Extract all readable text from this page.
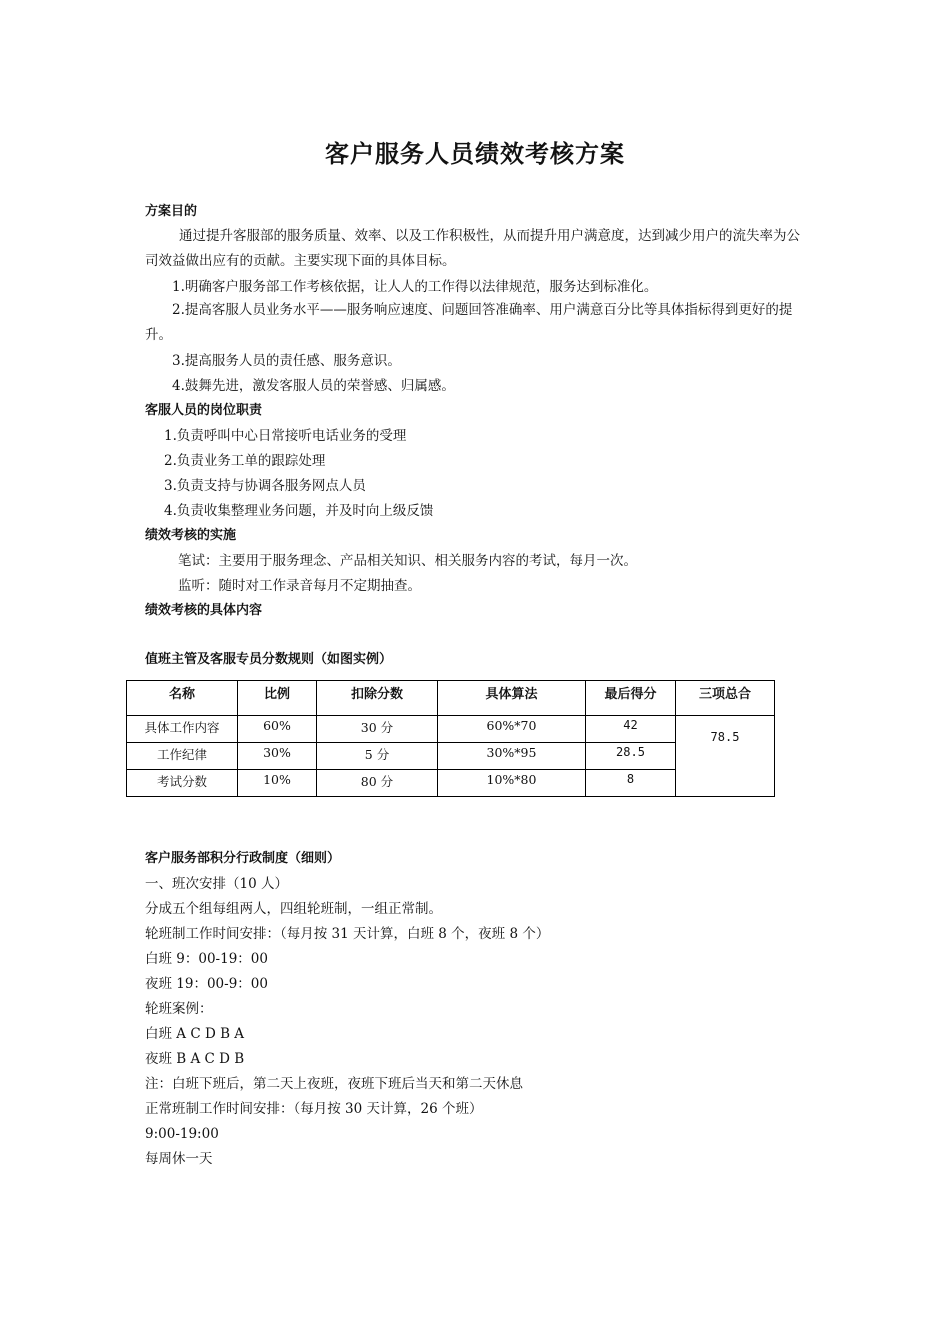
客户服务人员绩效考核方案
方案目的
通过提升客服部的服务质量、效率、以及工作积极性，从而提升用户满意度，达到减少用户的流失率为公司效益做出应有的贡献。主要实现下面的具体目标。
1.明确客户服务部工作考核依据，让人人的工作得以法律规范，服务达到标准化。
2.提高客服人员业务水平——服务响应速度、问题回答准确率、用户满意百分比等具体指标得到更好的提升。
3.提高服务人员的责任感、服务意识。
4.鼓舞先进，激发客服人员的荣誉感、归属感。
客服人员的岗位职责
1.负责呼叫中心日常接听电话业务的受理
2.负责业务工单的跟踪处理
3.负责支持与协调各服务网点人员
4.负责收集整理业务问题，并及时向上级反馈
绩效考核的实施
笔试：主要用于服务理念、产品相关知识、相关服务内容的考试，每月一次。
监听：随时对工作录音每月不定期抽查。
绩效考核的具体内容
值班主管及客服专员分数规则（如图实例）
名称	比例	扣除分数	具体算法	最后得分	三项总合
具体工作内容	60%	30 分	60%*70	42	78.5
工作纪律	30%	5 分	30%*95	28.5	
考试分数	10%	80 分	10%*80	8	
客户服务部积分行政制度（细则）
一、班次安排（10 人）
分成五个组每组两人，四组轮班制，一组正常制。
轮班制工作时间安排：（每月按 31 天计算，白班 8 个，夜班 8 个）
白班 9：00-19：00
夜班 19：00-9：00
轮班案例：
白班 A C D B A
夜班 B A C D B
注：白班下班后，第二天上夜班，夜班下班后当天和第二天休息
正常班制工作时间安排：（每月按 30 天计算，26 个班）
9:00-19:00
每周休一天
